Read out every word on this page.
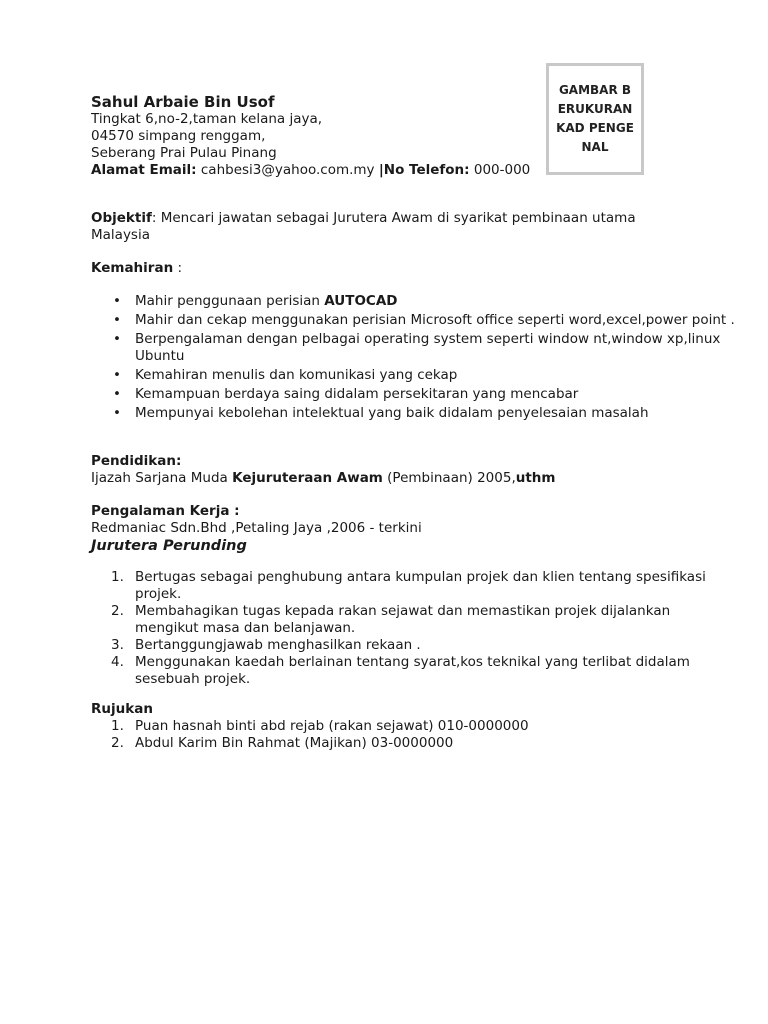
GAMBAR BERUKURAN KAD PENGENAL
Sahul Arbaie Bin Usof
Tingkat 6,no-2,taman kelana jaya,
04570 simpang renggam,
Seberang Prai Pulau Pinang
Alamat Email: cahbesi3@yahoo.com.my |No Telefon: 000-000
Objektif: Mencari jawatan sebagai Jurutera Awam di syarikat pembinaan utama Malaysia
Kemahiran :
• Mahir penggunaan perisian AUTOCAD
• Mahir dan cekap menggunakan perisian Microsoft office seperti word,excel,power point .
• Berpengalaman dengan pelbagai operating system seperti window nt,window xp,linux Ubuntu
• Kemahiran menulis dan komunikasi yang cekap
• Kemampuan berdaya saing didalam persekitaran yang mencabar
• Mempunyai kebolehan intelektual yang baik didalam penyelesaian masalah
Pendidikan:
Ijazah Sarjana Muda Kejuruteraan Awam (Pembinaan) 2005,uthm
Pengalaman Kerja :
Redmaniac Sdn.Bhd ,Petaling Jaya ,2006 - terkini
Jurutera Perunding
Bertugas sebagai penghubung antara kumpulan projek dan klien tentang spesifikasi projek.
Membahagikan tugas kepada rakan sejawat dan memastikan projek dijalankan mengikut masa dan belanjawan.
Bertanggungjawab menghasilkan rekaan .
Menggunakan kaedah berlainan tentang syarat,kos teknikal yang terlibat didalam sesebuah projek.
Rujukan
Puan hasnah binti abd rejab (rakan sejawat) 010-0000000
Abdul Karim Bin Rahmat (Majikan) 03-0000000
